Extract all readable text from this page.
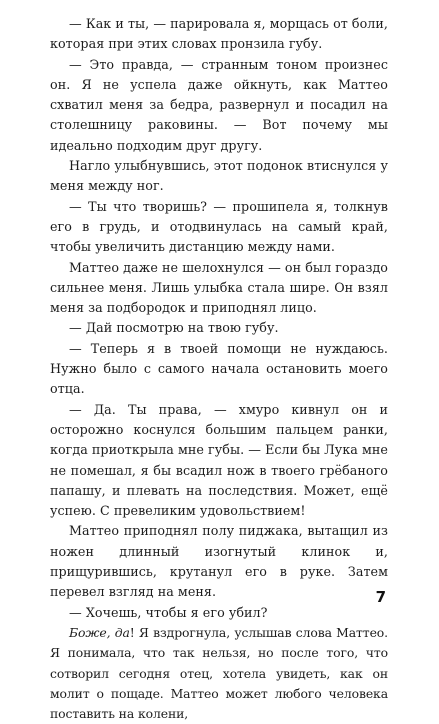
— Как и ты, — парировала я, морщась от боли, которая при этих словах пронзила губу.

— Это правда, — странным тоном произнес он. Я не успела даже ойкнуть, как Маттео схватил меня за бедра, развернул и посадил на столешницу раковины. — Вот почему мы идеально подходим друг другу.

Нагло улыбнувшись, этот подонок втиснулся у меня между ног.

— Ты что творишь? — прошипела я, толкнув его в грудь, и отодвинулась на самый край, чтобы увеличить дистанцию между нами.

Маттео даже не шелохнулся — он был гораздо сильнее меня. Лишь улыбка стала шире. Он взял меня за подбородок и приподнял лицо.

— Дай посмотрю на твою губу.

— Теперь я в твоей помощи не нуждаюсь. Нужно было с самого начала остановить моего отца.

— Да. Ты права, — хмуро кивнул он и осторожно коснулся большим пальцем ранки, когда приоткрыла мне губы. — Если бы Лука мне не помешал, я бы всадил нож в твоего грёбаного папашу, и плевать на последствия. Может, ещё успею. С превеликим удовольствием!

Маттео приподнял полу пиджака, вытащил из ножен длинный изогнутый клинок и, прищурившись, крутанул его в руке. Затем перевел взгляд на меня.

— Хочешь, чтобы я его убил?

Боже, да! Я вздрогнула, услышав слова Маттео. Я понимала, что так нельзя, но после того, что сотворил сегодня отец, хотела увидеть, как он молит о пощаде. Маттео может любого человека поставить на колени,

7
